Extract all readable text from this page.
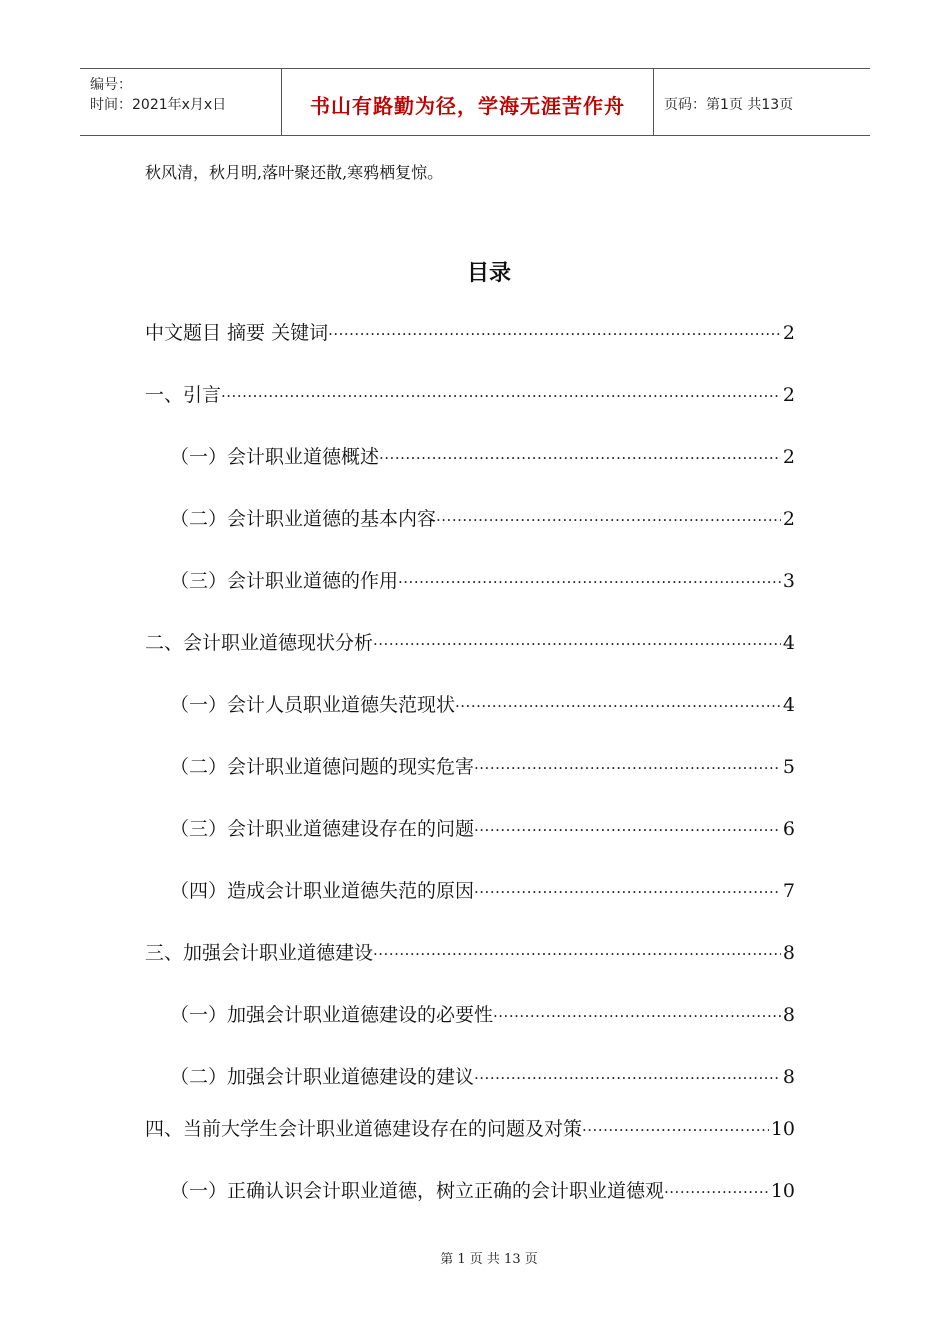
编号：
时间：2021年x月x日	书山有路勤为径，学海无涯苦作舟	页码：第1页 共13页
秋风清，秋月明,落叶聚还散,寒鸦栖复惊。
目录
中文题目 摘要 关键词 ·····	2
一、引言 ·····	2
（一）会计职业道德概述 ·····	2
（二）会计职业道德的基本内容 ·····	2
（三）会计职业道德的作用 ·····	3
二、会计职业道德现状分析 ·····	4
（一）会计人员职业道德失范现状 ·····	4
（二）会计职业道德问题的现实危害 ·····	5
（三）会计职业道德建设存在的问题 ·····	6
（四）造成会计职业道德失范的原因 ·····	7
三、加强会计职业道德建设 ·····	8
（一）加强会计职业道德建设的必要性 ·····	8
（二）加强会计职业道德建设的建议 ·····	8
四、当前大学生会计职业道德建设存在的问题及对策 ·····	10
（一）正确认识会计职业道德，树立正确的会计职业道德观 ·····	10
第 1 页 共 13 页
